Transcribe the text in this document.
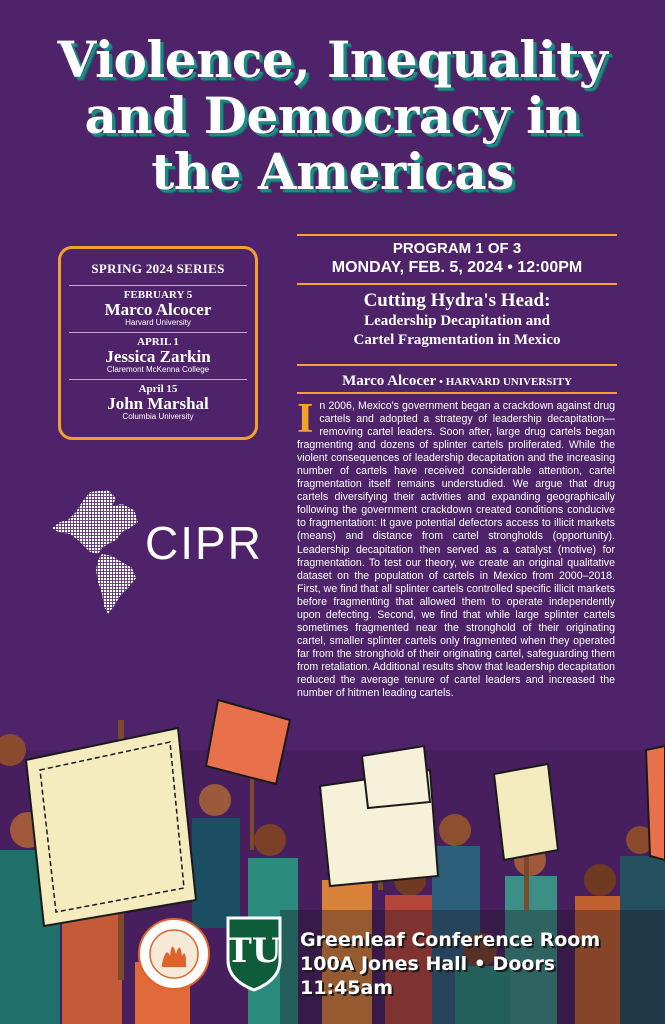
Violence, Inequality
and Democracy in
the Americas
SPRING 2024 SERIES
FEBRUARY 5
Marco Alcocer
Harvard University
APRIL 1
Jessica Zarkin
Claremont McKenna College
April 15
John Marshal
Columbia University
CIPR
PROGRAM 1 OF 3
MONDAY, FEB. 5, 2024 • 12:00PM
Cutting Hydra's Head:
Leadership Decapitation and
Cartel Fragmentation in Mexico
Marco Alcocer • HARVARD UNIVERSITY
In 2006, Mexico's government began a crackdown against drug cartels and adopted a strategy of leadership decapitation—removing cartel leaders. Soon after, large drug cartels began fragmenting and dozens of splinter cartels proliferated. While the violent consequences of leadership decapitation and the increasing number of cartels have received considerable attention, cartel fragmentation itself remains understudied. We argue that drug cartels diversifying their activities and expanding geographically following the government crackdown created conditions conducive to fragmentation: It gave potential defectors access to illicit markets (means) and distance from cartel strongholds (opportunity). Leadership decapitation then served as a catalyst (motive) for fragmentation. To test our theory, we create an original qualitative dataset on the population of cartels in Mexico from 2000–2018. First, we find that all splinter cartels controlled specific illicit markets before fragmenting that allowed them to operate independently upon defecting. Second, we find that while large splinter cartels sometimes fragmented near the stronghold of their originating cartel, smaller splinter cartels only fragmented when they operated far from the stronghold of their originating cartel, safeguarding them from retaliation. Additional results show that leadership decapitation reduced the average tenure of cartel leaders and increased the number of hitmen leading cartels.
TU Greenleaf Conference Room
100A Jones Hall • Doors 11:45am
